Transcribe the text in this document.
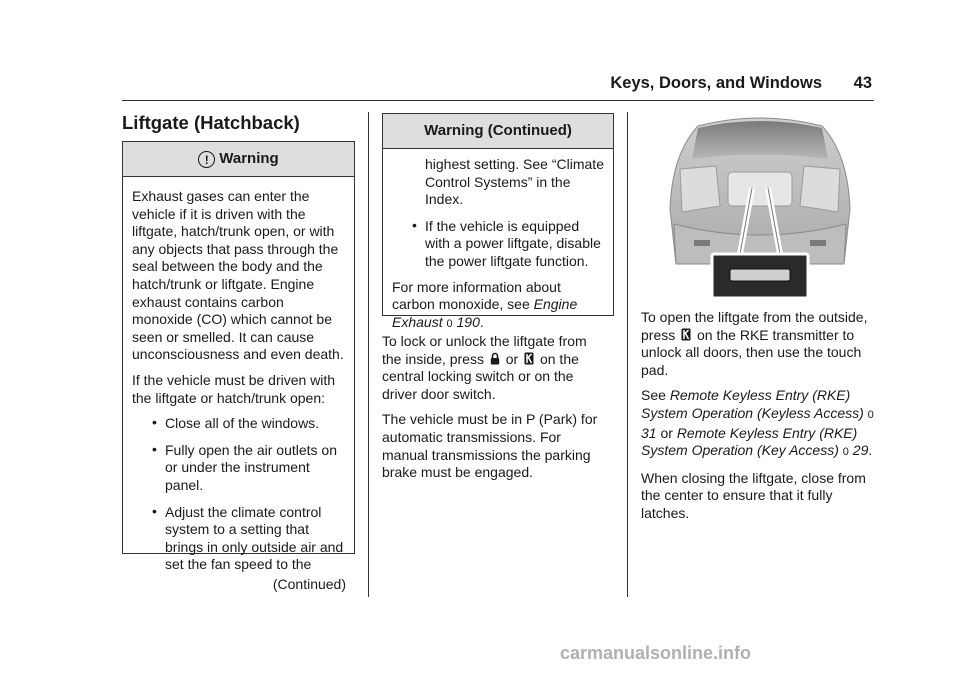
Keys, Doors, and Windows 43
Liftgate (Hatchback)
! Warning

Exhaust gases can enter the vehicle if it is driven with the liftgate, hatch/trunk open, or with any objects that pass through the seal between the body and the hatch/trunk or liftgate. Engine exhaust contains carbon monoxide (CO) which cannot be seen or smelled. It can cause unconsciousness and even death.

If the vehicle must be driven with the liftgate or hatch/trunk open:

• Close all of the windows.

• Fully open the air outlets on or under the instrument panel.

• Adjust the climate control system to a setting that brings in only outside air and set the fan speed to the

(Continued)

Warning (Continued)

highest setting. See “Climate Control Systems” in the Index.

• If the vehicle is equipped with a power liftgate, disable the power liftgate function.

For more information about carbon monoxide, see Engine Exhaust 0 190.

To lock or unlock the liftgate from the inside, press  or  on the central locking switch or on the driver door switch.

The vehicle must be in P (Park) for automatic transmissions. For manual transmissions the parking brake must be engaged.

To open the liftgate from the outside, press  on the RKE transmitter to unlock all doors, then use the touch pad.

See Remote Keyless Entry (RKE) System Operation (Keyless Access) 0 31 or Remote Keyless Entry (RKE) System Operation (Key Access) 0 29.

When closing the liftgate, close from the center to ensure that it fully latches.

carmanualsonline.info
